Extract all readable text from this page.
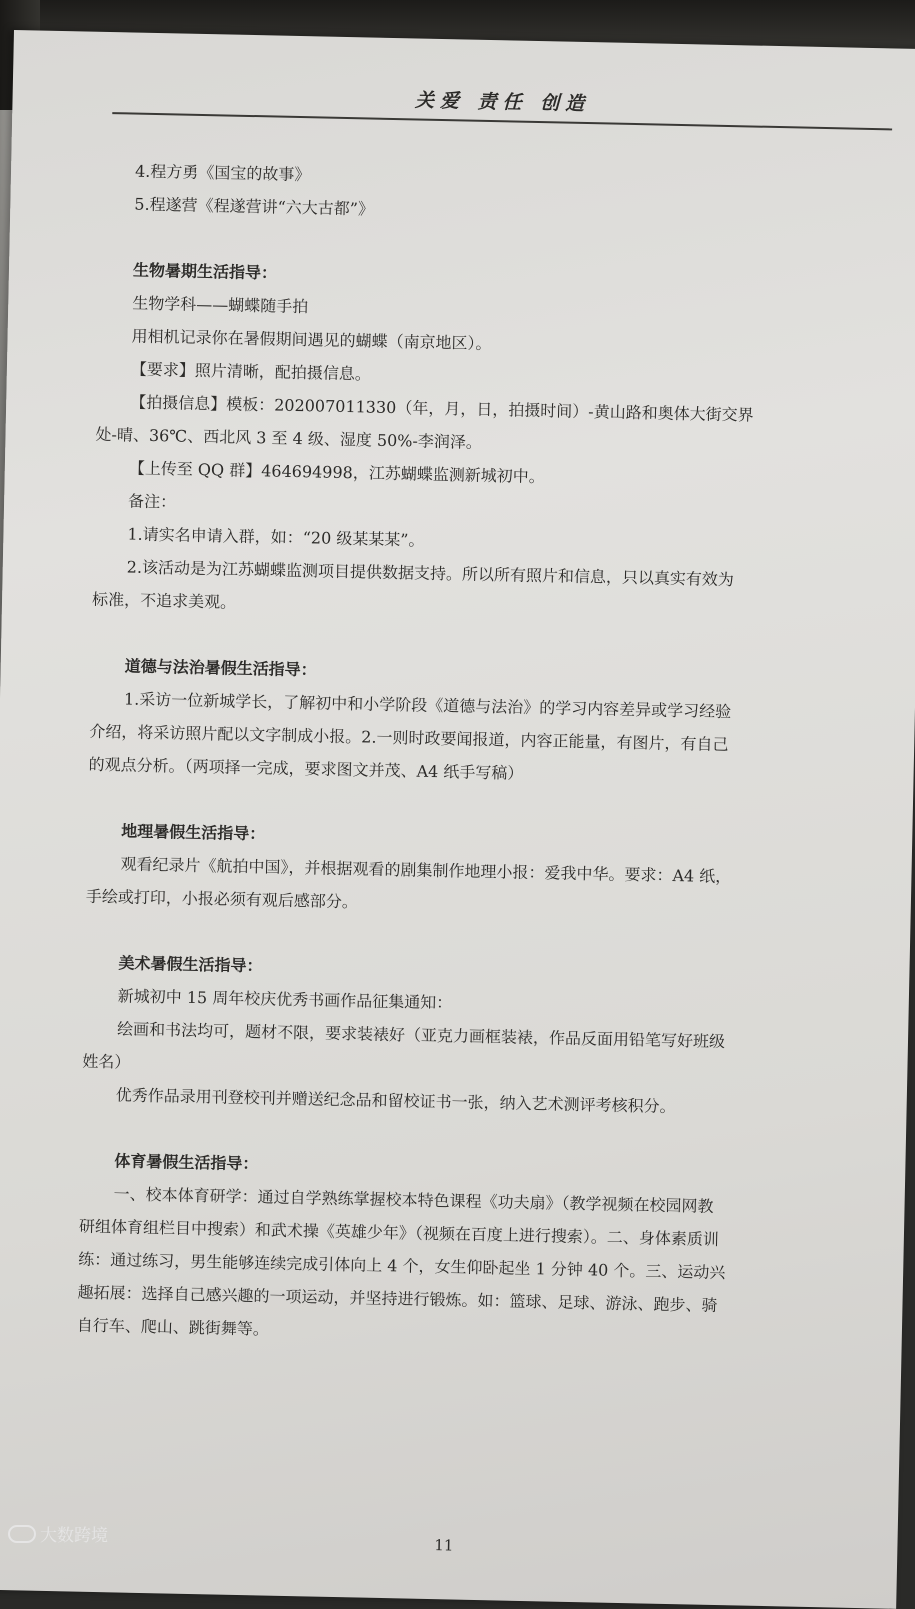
关爱 责任 创造
4.程方勇《国宝的故事》
5.程遂营《程遂营讲“六大古都”》
生物暑期生活指导：
生物学科——蝴蝶随手拍
用相机记录你在暑假期间遇见的蝴蝶（南京地区）。
【要求】照片清晰，配拍摄信息。
【拍摄信息】模板：202007011330（年，月，日，拍摄时间）-黄山路和奥体大街交界
处-晴、36℃、西北风 3 至 4 级、湿度 50%-李润泽。
【上传至 QQ 群】464694998，江苏蝴蝶监测新城初中。
备注：
1.请实名申请入群，如：“20 级某某某”。
2.该活动是为江苏蝴蝶监测项目提供数据支持。所以所有照片和信息，只以真实有效为
标准，不追求美观。
道德与法治暑假生活指导：
1.采访一位新城学长，了解初中和小学阶段《道德与法治》的学习内容差异或学习经验
介绍，将采访照片配以文字制成小报。2.一则时政要闻报道，内容正能量，有图片，有自己
的观点分析。（两项择一完成，要求图文并茂、A4 纸手写稿）
地理暑假生活指导：
观看纪录片《航拍中国》，并根据观看的剧集制作地理小报：爱我中华。要求：A4 纸，
手绘或打印，小报必须有观后感部分。
美术暑假生活指导：
新城初中 15 周年校庆优秀书画作品征集通知：
绘画和书法均可，题材不限，要求装裱好（亚克力画框装裱，作品反面用铅笔写好班级
姓名）
优秀作品录用刊登校刊并赠送纪念品和留校证书一张，纳入艺术测评考核积分。
体育暑假生活指导：
一、校本体育研学：通过自学熟练掌握校本特色课程《功夫扇》（教学视频在校园网教
研组体育组栏目中搜索）和武术操《英雄少年》（视频在百度上进行搜索）。二、身体素质训
练：通过练习，男生能够连续完成引体向上 4 个，女生仰卧起坐 1 分钟 40 个。三、运动兴
趣拓展：选择自己感兴趣的一项运动，并坚持进行锻炼。如：篮球、足球、游泳、跑步、骑
自行车、爬山、跳街舞等。
11
大数跨境
